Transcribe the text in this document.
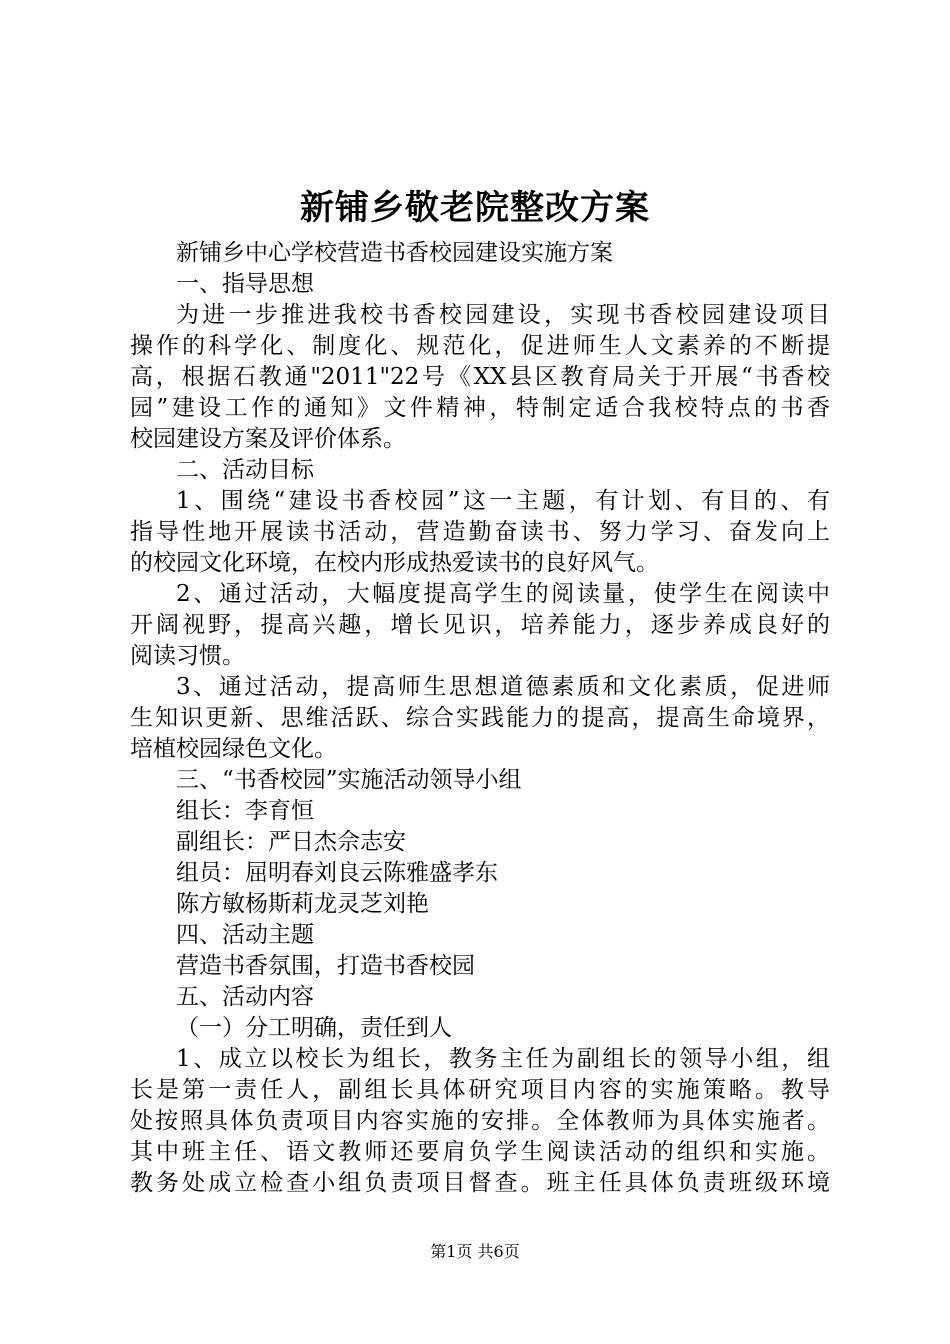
新铺乡敬老院整改方案
新铺乡中心学校营造书香校园建设实施方案
一、指导思想
为进一步推进我校书香校园建设，实现书香校园建设项目
操作的科学化、制度化、规范化，促进师生人文素养的不断提
高，根据石教通"2011"22号《XX县区教育局关于开展“书香校
园”建设工作的通知》文件精神，特制定适合我校特点的书香
校园建设方案及评价体系。
二、活动目标
1、围绕“建设书香校园”这一主题，有计划、有目的、有
指导性地开展读书活动，营造勤奋读书、努力学习、奋发向上
的校园文化环境，在校内形成热爱读书的良好风气。
2、通过活动，大幅度提高学生的阅读量，使学生在阅读中
开阔视野，提高兴趣，增长见识，培养能力，逐步养成良好的
阅读习惯。
3、通过活动，提高师生思想道德素质和文化素质，促进师
生知识更新、思维活跃、综合实践能力的提高，提高生命境界，
培植校园绿色文化。
三、“书香校园”实施活动领导小组
组长：李育恒
副组长：严日杰佘志安
组员：屈明春刘良云陈雅盛孝东
陈方敏杨斯莉龙灵芝刘艳
四、活动主题
营造书香氛围，打造书香校园
五、活动内容
（一）分工明确，责任到人
1、成立以校长为组长，教务主任为副组长的领导小组，组
长是第一责任人，副组长具体研究项目内容的实施策略。教导
处按照具体负责项目内容实施的安排。全体教师为具体实施者。
其中班主任、语文教师还要肩负学生阅读活动的组织和实施。
教务处成立检查小组负责项目督查。班主任具体负责班级环境
第1页 共6页
